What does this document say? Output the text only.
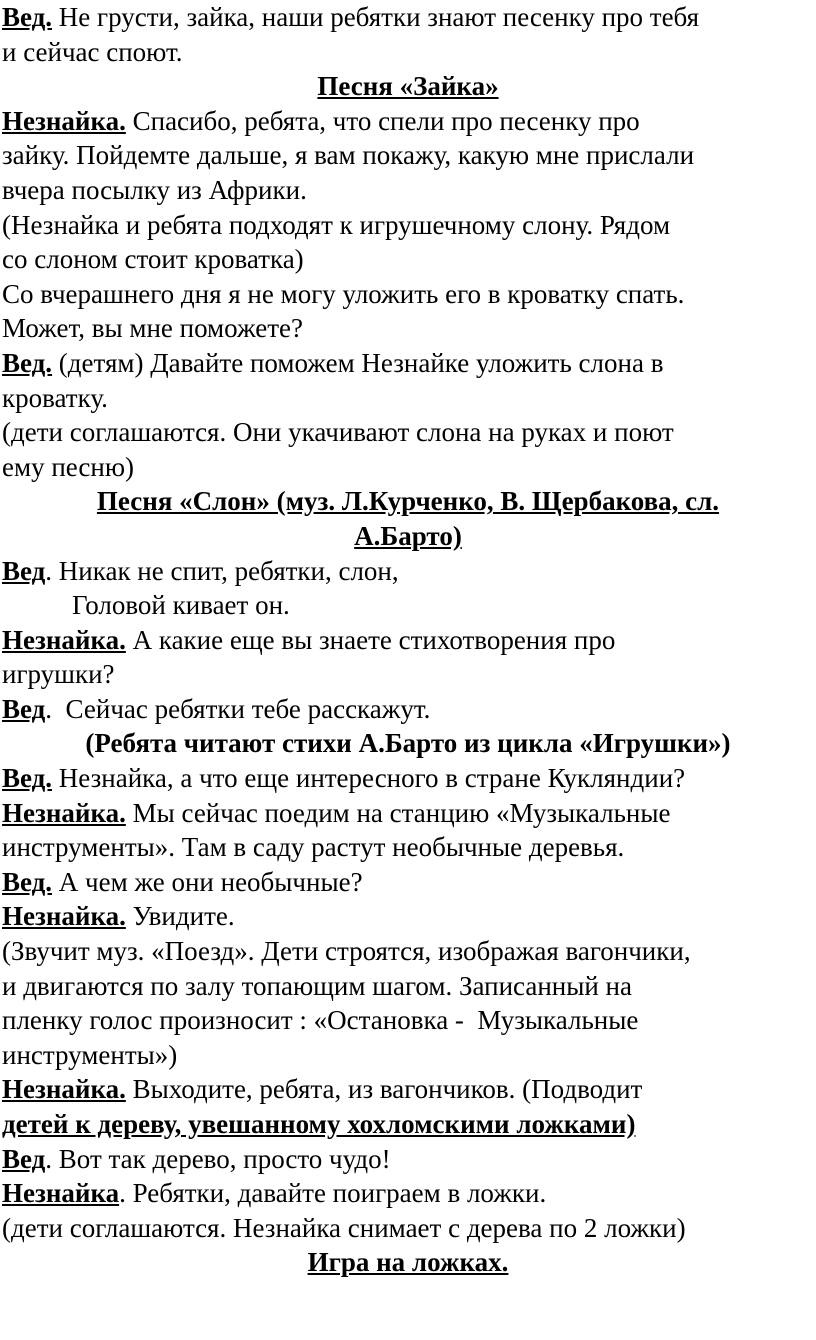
Вед. Не грусти, зайка, наши ребятки знают песенку про тебя
и сейчас споют.
Песня «Зайка»
Незнайка. Спасибо, ребята, что спели про песенку про
зайку. Пойдемте дальше, я вам покажу, какую мне прислали
вчера посылку из Африки.
(Незнайка и ребята подходят к игрушечному слону. Рядом
со слоном стоит кроватка)
Со вчерашнего дня я не могу уложить его в кроватку спать.
Может, вы мне поможете?
Вед. (детям) Давайте поможем Незнайке уложить слона в
кроватку.
(дети соглашаются. Они укачивают слона на руках и поют
ему песню)
Песня «Слон» (муз. Л.Курченко, В. Щербакова, сл.
А.Барто)
Вед. Никак не спит, ребятки, слон,
Головой кивает он.
Незнайка. А какие еще вы знаете стихотворения про
игрушки?
Вед.  Сейчас ребятки тебе расскажут.
(Ребята читают стихи А.Барто из цикла «Игрушки»)
Вед. Незнайка, а что еще интересного в стране Кукляндии?
Незнайка. Мы сейчас поедим на станцию «Музыкальные
инструменты». Там в саду растут необычные деревья.
Вед. А чем же они необычные?
Незнайка. Увидите.
(Звучит муз. «Поезд». Дети строятся, изображая вагончики,
и двигаются по залу топающим шагом. Записанный на
пленку голос произносит : «Остановка -  Музыкальные
инструменты»)
Незнайка. Выходите, ребята, из вагончиков. (Подводит
детей к дереву, увешанному хохломскими ложками)
Вед. Вот так дерево, просто чудо!
Незнайка. Ребятки, давайте поиграем в ложки.
(дети соглашаются. Незнайка снимает с дерева по 2 ложки)
Игра на ложках.
